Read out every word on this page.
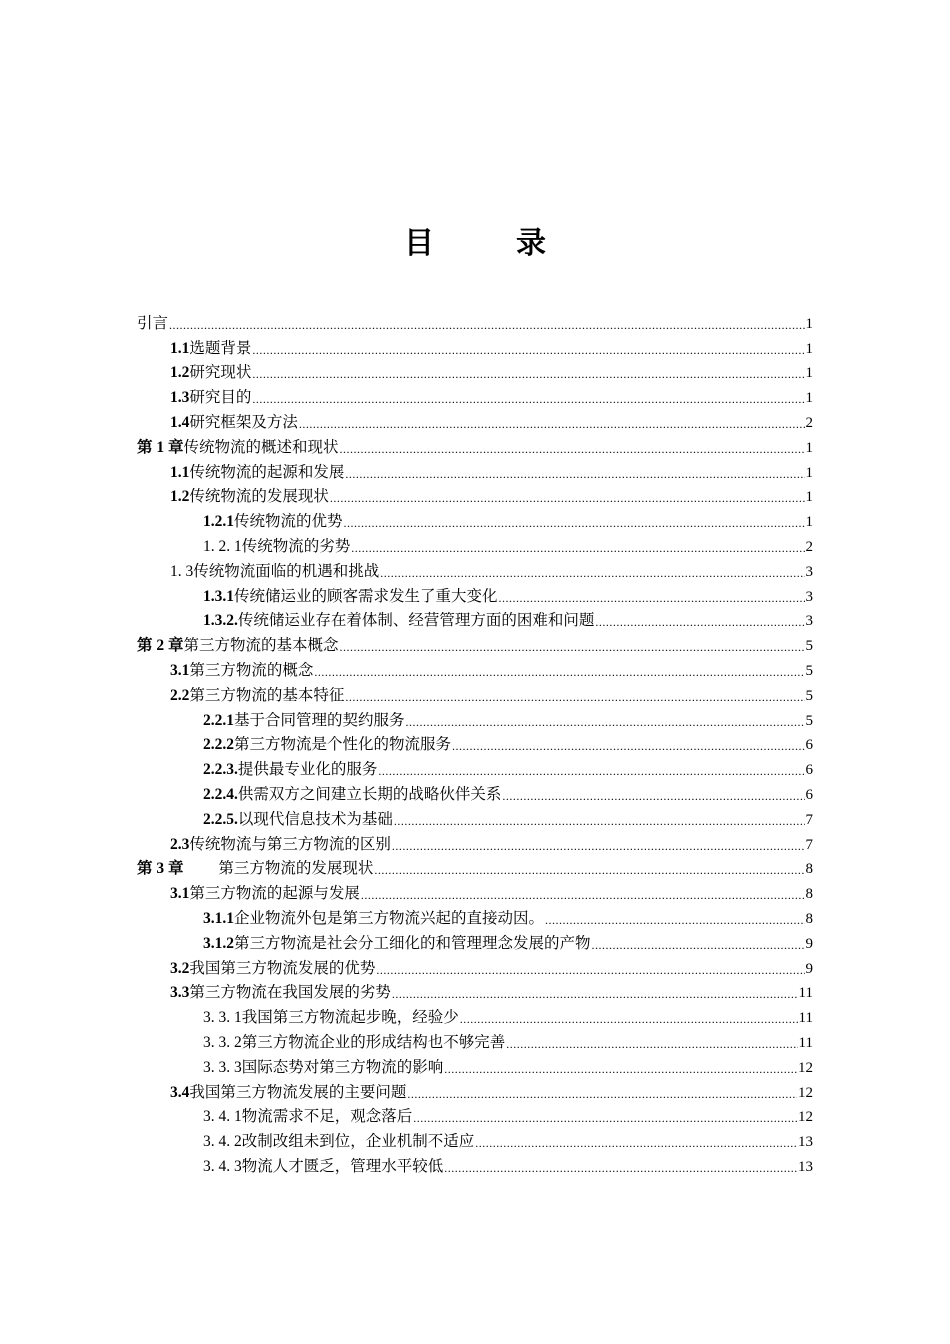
目　录
引言 .....	1
1.1 选题背景 .....	1
1.2 研究现状 .....	1
1.3 研究目的 .....	1
1.4 研究框架及方法 .....	2
第 1 章 传统物流的概述和现状 .....	1
1.1 传统物流的起源和发展 .....	1
1.2 传统物流的发展现状 .....	1
1.2.1 传统物流的优势 .....	1
1. 2. 1 传统物流的劣势 .....	2
1. 3 传统物流面临的机遇和挑战 .....	3
1.3.1 传统储运业的顾客需求发生了重大变化 .....	3
1.3.2. 传统储运业存在着体制、经营管理方面的困难和问题 .....	3
第 2 章 第三方物流的基本概念 .....	5
3.1 第三方物流的概念 .....	5
2.2 第三方物流的基本特征 .....	5
2.2.1 基于合同管理的契约服务 .....	5
2.2.2 第三方物流是个性化的物流服务 .....	6
2.2.3. 提供最专业化的服务 .....	6
2.2.4. 供需双方之间建立长期的战略伙伴关系 .....	6
2.2.5. 以现代信息技术为基础 .....	7
2.3 传统物流与第三方物流的区别 .....	7
第 3 章 　　 第三方物流的发展现状 .....	8
3.1 第三方物流的起源与发展 .....	8
3.1.1 企业物流外包是第三方物流兴起的直接动因。 .....	8
3.1.2 第三方物流是社会分工细化的和管理理念发展的产物 .....	9
3.2 我国第三方物流发展的优势 .....	9
3.3 第三方物流在我国发展的劣势 .....	11
3. 3. 1 我国第三方物流起步晚，经验少 .....	11
3. 3. 2 第三方物流企业的形成结构也不够完善 .....	11
3. 3. 3 国际态势对第三方物流的影响 .....	12
3.4 我国第三方物流发展的主要问题 .....	12
3. 4. 1 物流需求不足，观念落后 .....	12
3. 4. 2 改制改组未到位，企业机制不适应 .....	13
3. 4. 3 物流人才匮乏，管理水平较低 .....	13
